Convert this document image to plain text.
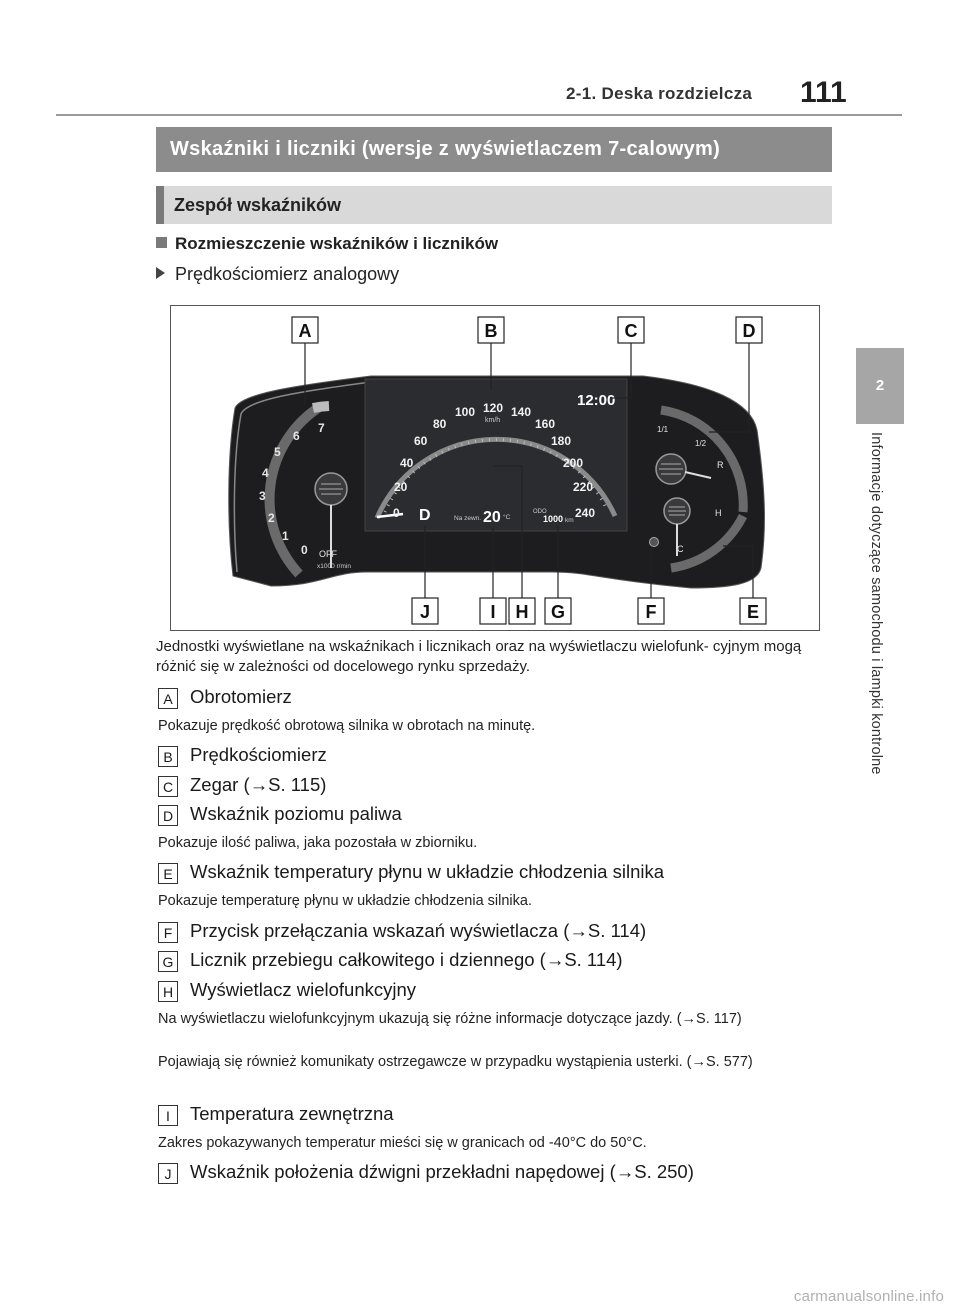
2-1. Deska rozdzielcza 111
2
Informacje dotyczące samochodu i lampki kontrolne
Wskaźniki i liczniki (wersje z wyświetlaczem 7-calowym)
Zespół wskaźników
Rozmieszczenie wskaźników i liczników
Prędkościomierz analogowy
7
6
5
4
3
2
1
0 OFF
x1000 r/min
0
20
40
60
80
100 120 140
160
180
200
220
240
km/h
12:00
D	Na zewn. 20 °C
ODO
1000 km
1/1
1/2
R
H
C
A	B	C	D
E
F
G
H
I
J
Jednostki wyświetlane na wskaźnikach i licznikach oraz na wyświetlaczu wielofunk- cyjnym mogą różnić się w zależności od docelowego rynku sprzedaży.
A Obrotomierz
Pokazuje prędkość obrotową silnika w obrotach na minutę.
B Prędkościomierz
C Zegar (→S. 115)
D Wskaźnik poziomu paliwa
Pokazuje ilość paliwa, jaka pozostała w zbiorniku.
E Wskaźnik temperatury płynu w układzie chłodzenia silnika
Pokazuje temperaturę płynu w układzie chłodzenia silnika.
F Przycisk przełączania wskazań wyświetlacza (→S. 114)
G Licznik przebiegu całkowitego i dziennego (→S. 114)
H Wyświetlacz wielofunkcyjny
Na wyświetlaczu wielofunkcyjnym ukazują się różne informacje dotyczące jazdy. (→S. 117)
Pojawiają się również komunikaty ostrzegawcze w przypadku wystąpienia usterki. (→S. 577)
I	Temperatura zewnętrzna
Zakres pokazywanych temperatur mieści się w granicach od -40°C do 50°C.
J	Wskaźnik położenia dźwigni przekładni napędowej (→S. 250)
carmanualsonline.info
